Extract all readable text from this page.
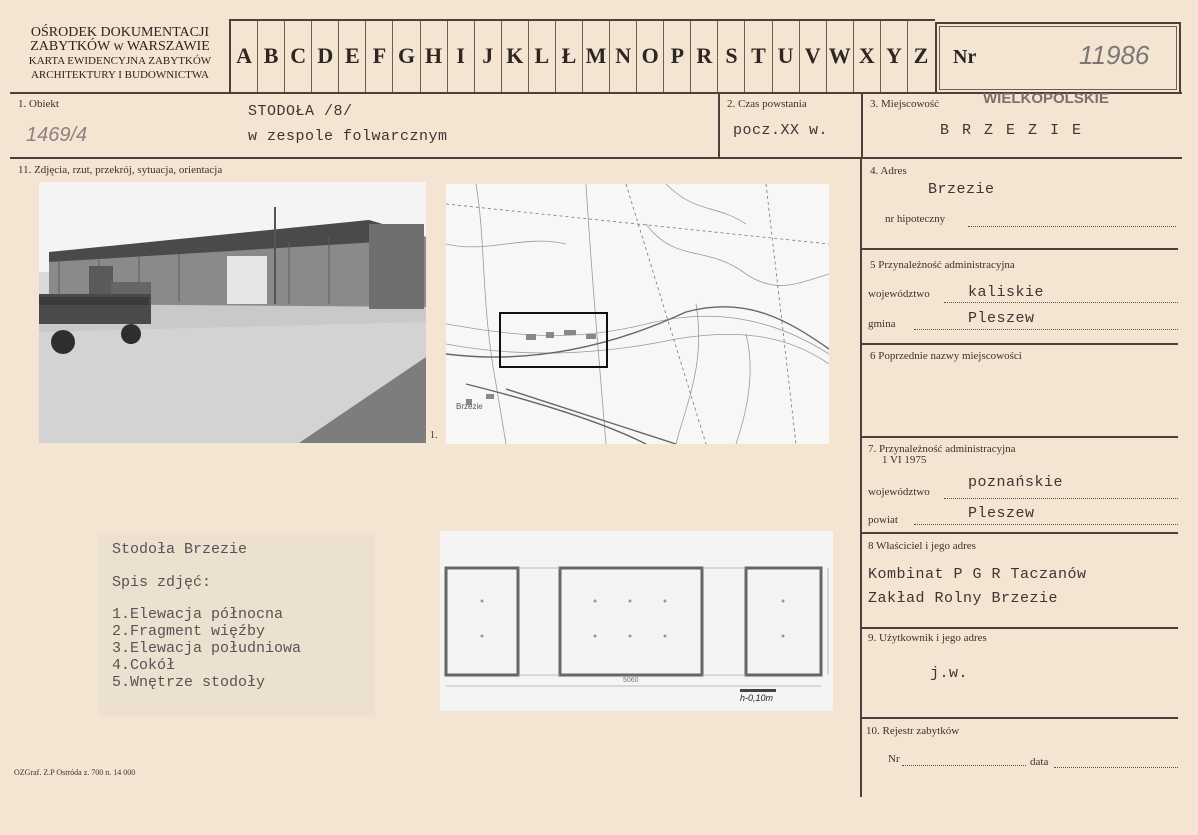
OŚRODEK DOKUMENTACJI
ZABYTKÓW w WARSZAWIE
KARTA EWIDENCYJNA ZABYTKÓW
ARCHITEKTURY I BUDOWNICTWA
A B C D E F G H I J K L Ł M N O P R S T U V W X Y Z Nr	11986
1. Obiekt	STODOŁA /8/
w zespole folwarcznym
1469/4
2. Czas powstania
pocz.XX w.
3. Miejscowość	WIELKOPOLSKIE
B R Z E Z I E
11. Zdjęcia, rzut, przekrój, sytuacja, orientacja
1.
Brzezie
Stodoła Brzezie
Spis zdjęć:
1.Elewacja północna
2.Fragment więźby
3.Elewacja południowa
4.Cokół
5.Wnętrze stodoły	5060
h-0,10m
OZGraf. Z.P Ostróda z. 700 n. 14 000
4. Adres
Brzezie
nr hipoteczny
5 Przynależność administracyjna
województwo	kaliskie
gmina	Pleszew
6 Poprzednie nazwy miejscowości
7. Przynależność administracyjna
1 VI 1975
województwo
poznańskie
powiat	Pleszew
8 Właściciel i jego adres
Kombinat P G R Taczanów
Zakład Rolny Brzezie
9. Użytkownik i jego adres
j.w.
10. Rejestr zabytków
Nr	data
